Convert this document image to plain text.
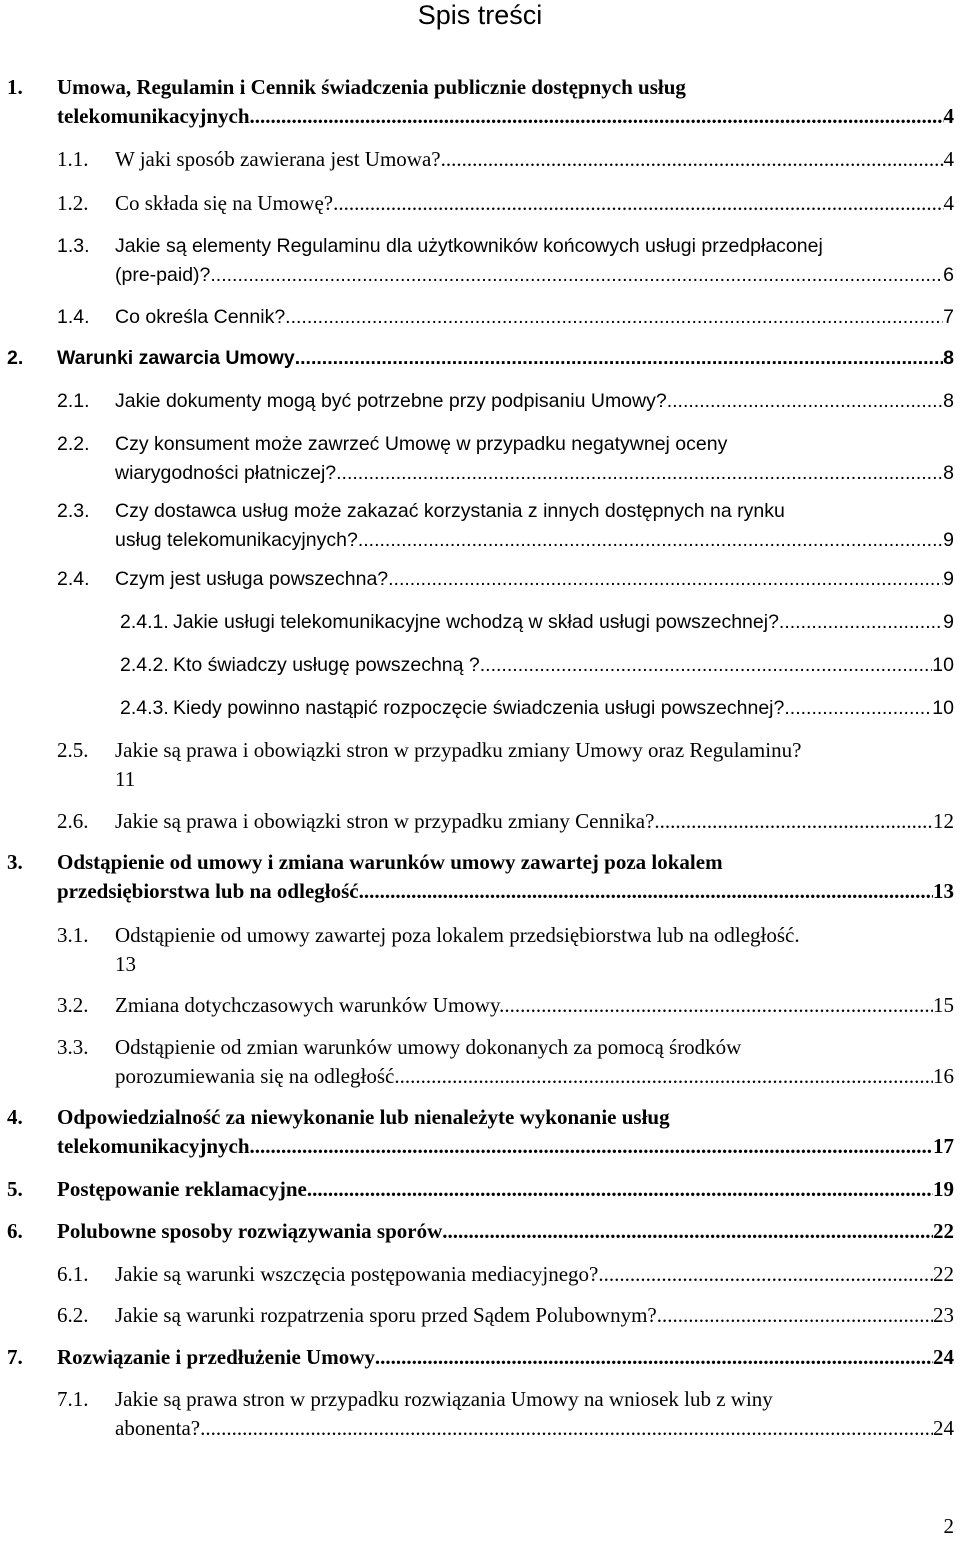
Spis treści
1. Umowa, Regulamin i Cennik świadczenia publicznie dostępnych usług
telekomunikacyjnych .....	4
1.1. W jaki sposób zawierana jest Umowa? .....	4
1.2. Co składa się na Umowę? .....	4
1.3. Jakie są elementy Regulaminu dla użytkowników końcowych usługi przedpłaconej
(pre-paid)? .....	6
1.4. Co określa Cennik? .....	7
2. Warunki zawarcia Umowy .....	8
2.1. Jakie dokumenty mogą być potrzebne przy podpisaniu Umowy? .....	8
2.2. Czy konsument może zawrzeć Umowę w przypadku negatywnej oceny
wiarygodności płatniczej? .....	8
2.3. Czy dostawca usług może zakazać korzystania z innych dostępnych na rynku
usług telekomunikacyjnych? .....	9
2.4. Czym jest usługa powszechna? .....	9
2.4.1. Jakie usługi telekomunikacyjne wchodzą w skład usługi powszechnej? .....	9
2.4.2. Kto świadczy usługę powszechną ? .....	10
2.4.3. Kiedy powinno nastąpić rozpoczęcie świadczenia usługi powszechnej? .....	10
2.5. Jakie są prawa i obowiązki stron w przypadku zmiany Umowy oraz Regulaminu?
11
2.6. Jakie są prawa i obowiązki stron w przypadku zmiany Cennika? .....	12
3. Odstąpienie od umowy i zmiana warunków umowy zawartej poza lokalem
przedsiębiorstwa lub na odległość .....	13
3.1. Odstąpienie od umowy zawartej poza lokalem przedsiębiorstwa lub na odległość.
13
3.2. Zmiana dotychczasowych warunków Umowy. .....	15
3.3. Odstąpienie od zmian warunków umowy dokonanych za pomocą środków
porozumiewania się na odległość. .....	16
4. Odpowiedzialność za niewykonanie lub nienależyte wykonanie usług
telekomunikacyjnych .....	17
5. Postępowanie reklamacyjne .....	19
6. Polubowne sposoby rozwiązywania sporów .....	22
6.1. Jakie są warunki wszczęcia postępowania mediacyjnego? .....	22
6.2. Jakie są warunki rozpatrzenia sporu przed Sądem Polubownym? .....	23
7. Rozwiązanie i przedłużenie Umowy .....	24
7.1. Jakie są prawa stron w przypadku rozwiązania Umowy na wniosek lub z winy
abonenta? .....	24
2
